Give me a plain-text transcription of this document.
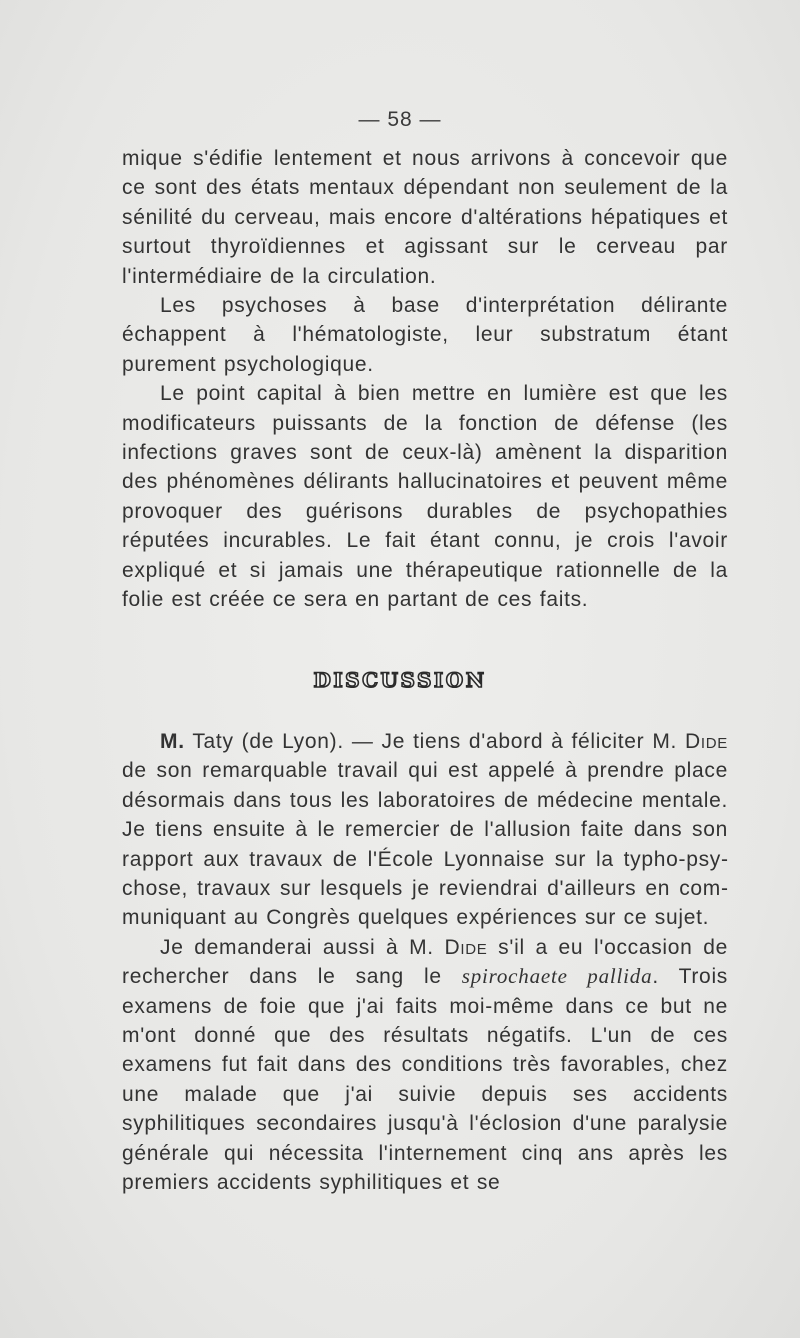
— 58 —

mique s'édifie lentement et nous arrivons à concevoir que ce sont des états mentaux dépendant non seulement de la sénilité du cerveau, mais encore d'altérations hépatiques et surtout thyroïdiennes et agissant sur le cerveau par l'intermédiaire de la circulation.

Les psychoses à base d'interprétation délirante échappent à l'hématologiste, leur substratum étant purement psychologique.

Le point capital à bien mettre en lumière est que les modificateurs puissants de la fonction de défense (les infections graves sont de ceux-là) amènent la disparition des phénomènes délirants hallucinatoires et peuvent même provoquer des guérisons durables de psychopathies réputées incurables. Le fait étant connu, je crois l'avoir expliqué et si jamais une thérapeutique rationnelle de la folie est créée ce sera en partant de ces faits.

DISCUSSION

M. Taty (de Lyon). — Je tiens d'abord à féliciter M. Dide de son remarquable travail qui est appelé à prendre place désormais dans tous les laboratoires de médecine mentale. Je tiens ensuite à le remercier de l'allusion faite dans son rapport aux travaux de l'École Lyonnaise sur la typho-psychose, travaux sur lesquels je reviendrai d'ailleurs en communiquant au Congrès quelques expériences sur ce sujet.

Je demanderai aussi à M. Dide s'il a eu l'occasion de rechercher dans le sang le spirochaete pallida. Trois examens de foie que j'ai faits moi-même dans ce but ne m'ont donné que des résultats négatifs. L'un de ces examens fut fait dans des conditions très favorables, chez une malade que j'ai suivie depuis ses accidents syphilitiques secondaires jusqu'à l'éclosion d'une paralysie générale qui nécessita l'internement cinq ans après les premiers accidents syphilitiques et se
